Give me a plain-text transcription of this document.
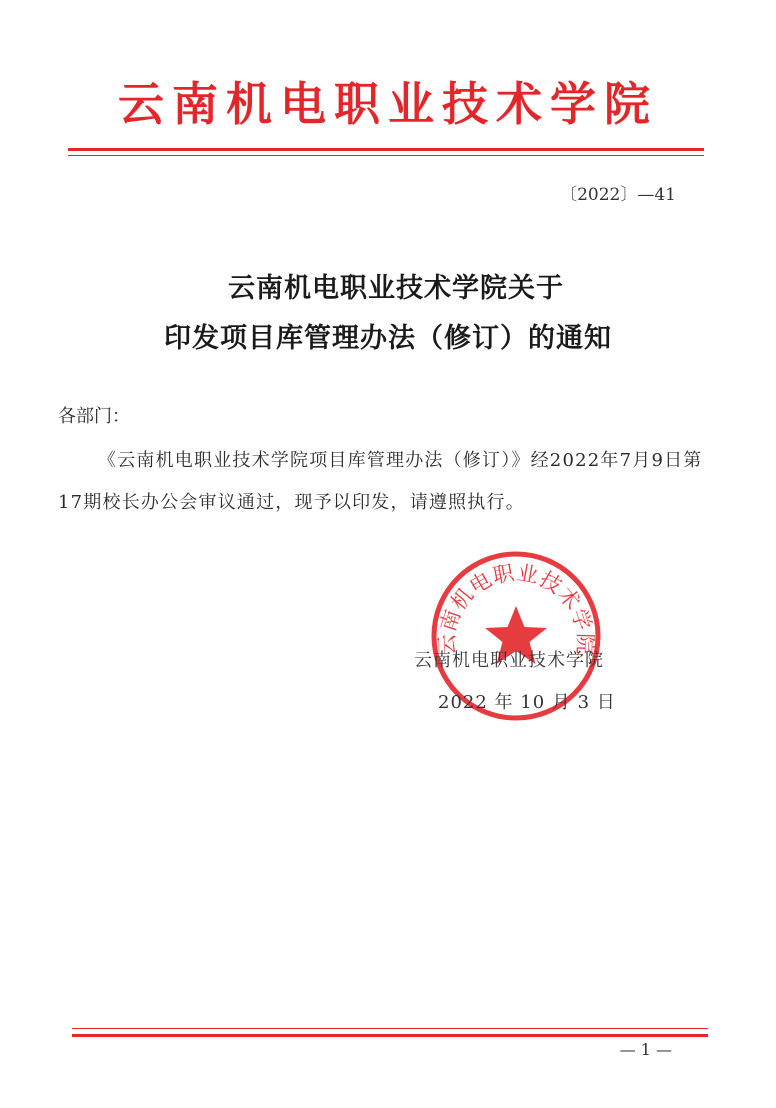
云南机电职业技术学院
〔2022〕—41
云南机电职业技术学院关于
印发项目库管理办法（修订）的通知
各部门：
《云南机电职业技术学院项目库管理办法（修订）》经2022年7月9日第17期校长办公会审议通过，现予以印发，请遵照执行。
云南机电职业技术学院
云南机电职业技术学院
2022 年 10 月 3 日
— 1 —
